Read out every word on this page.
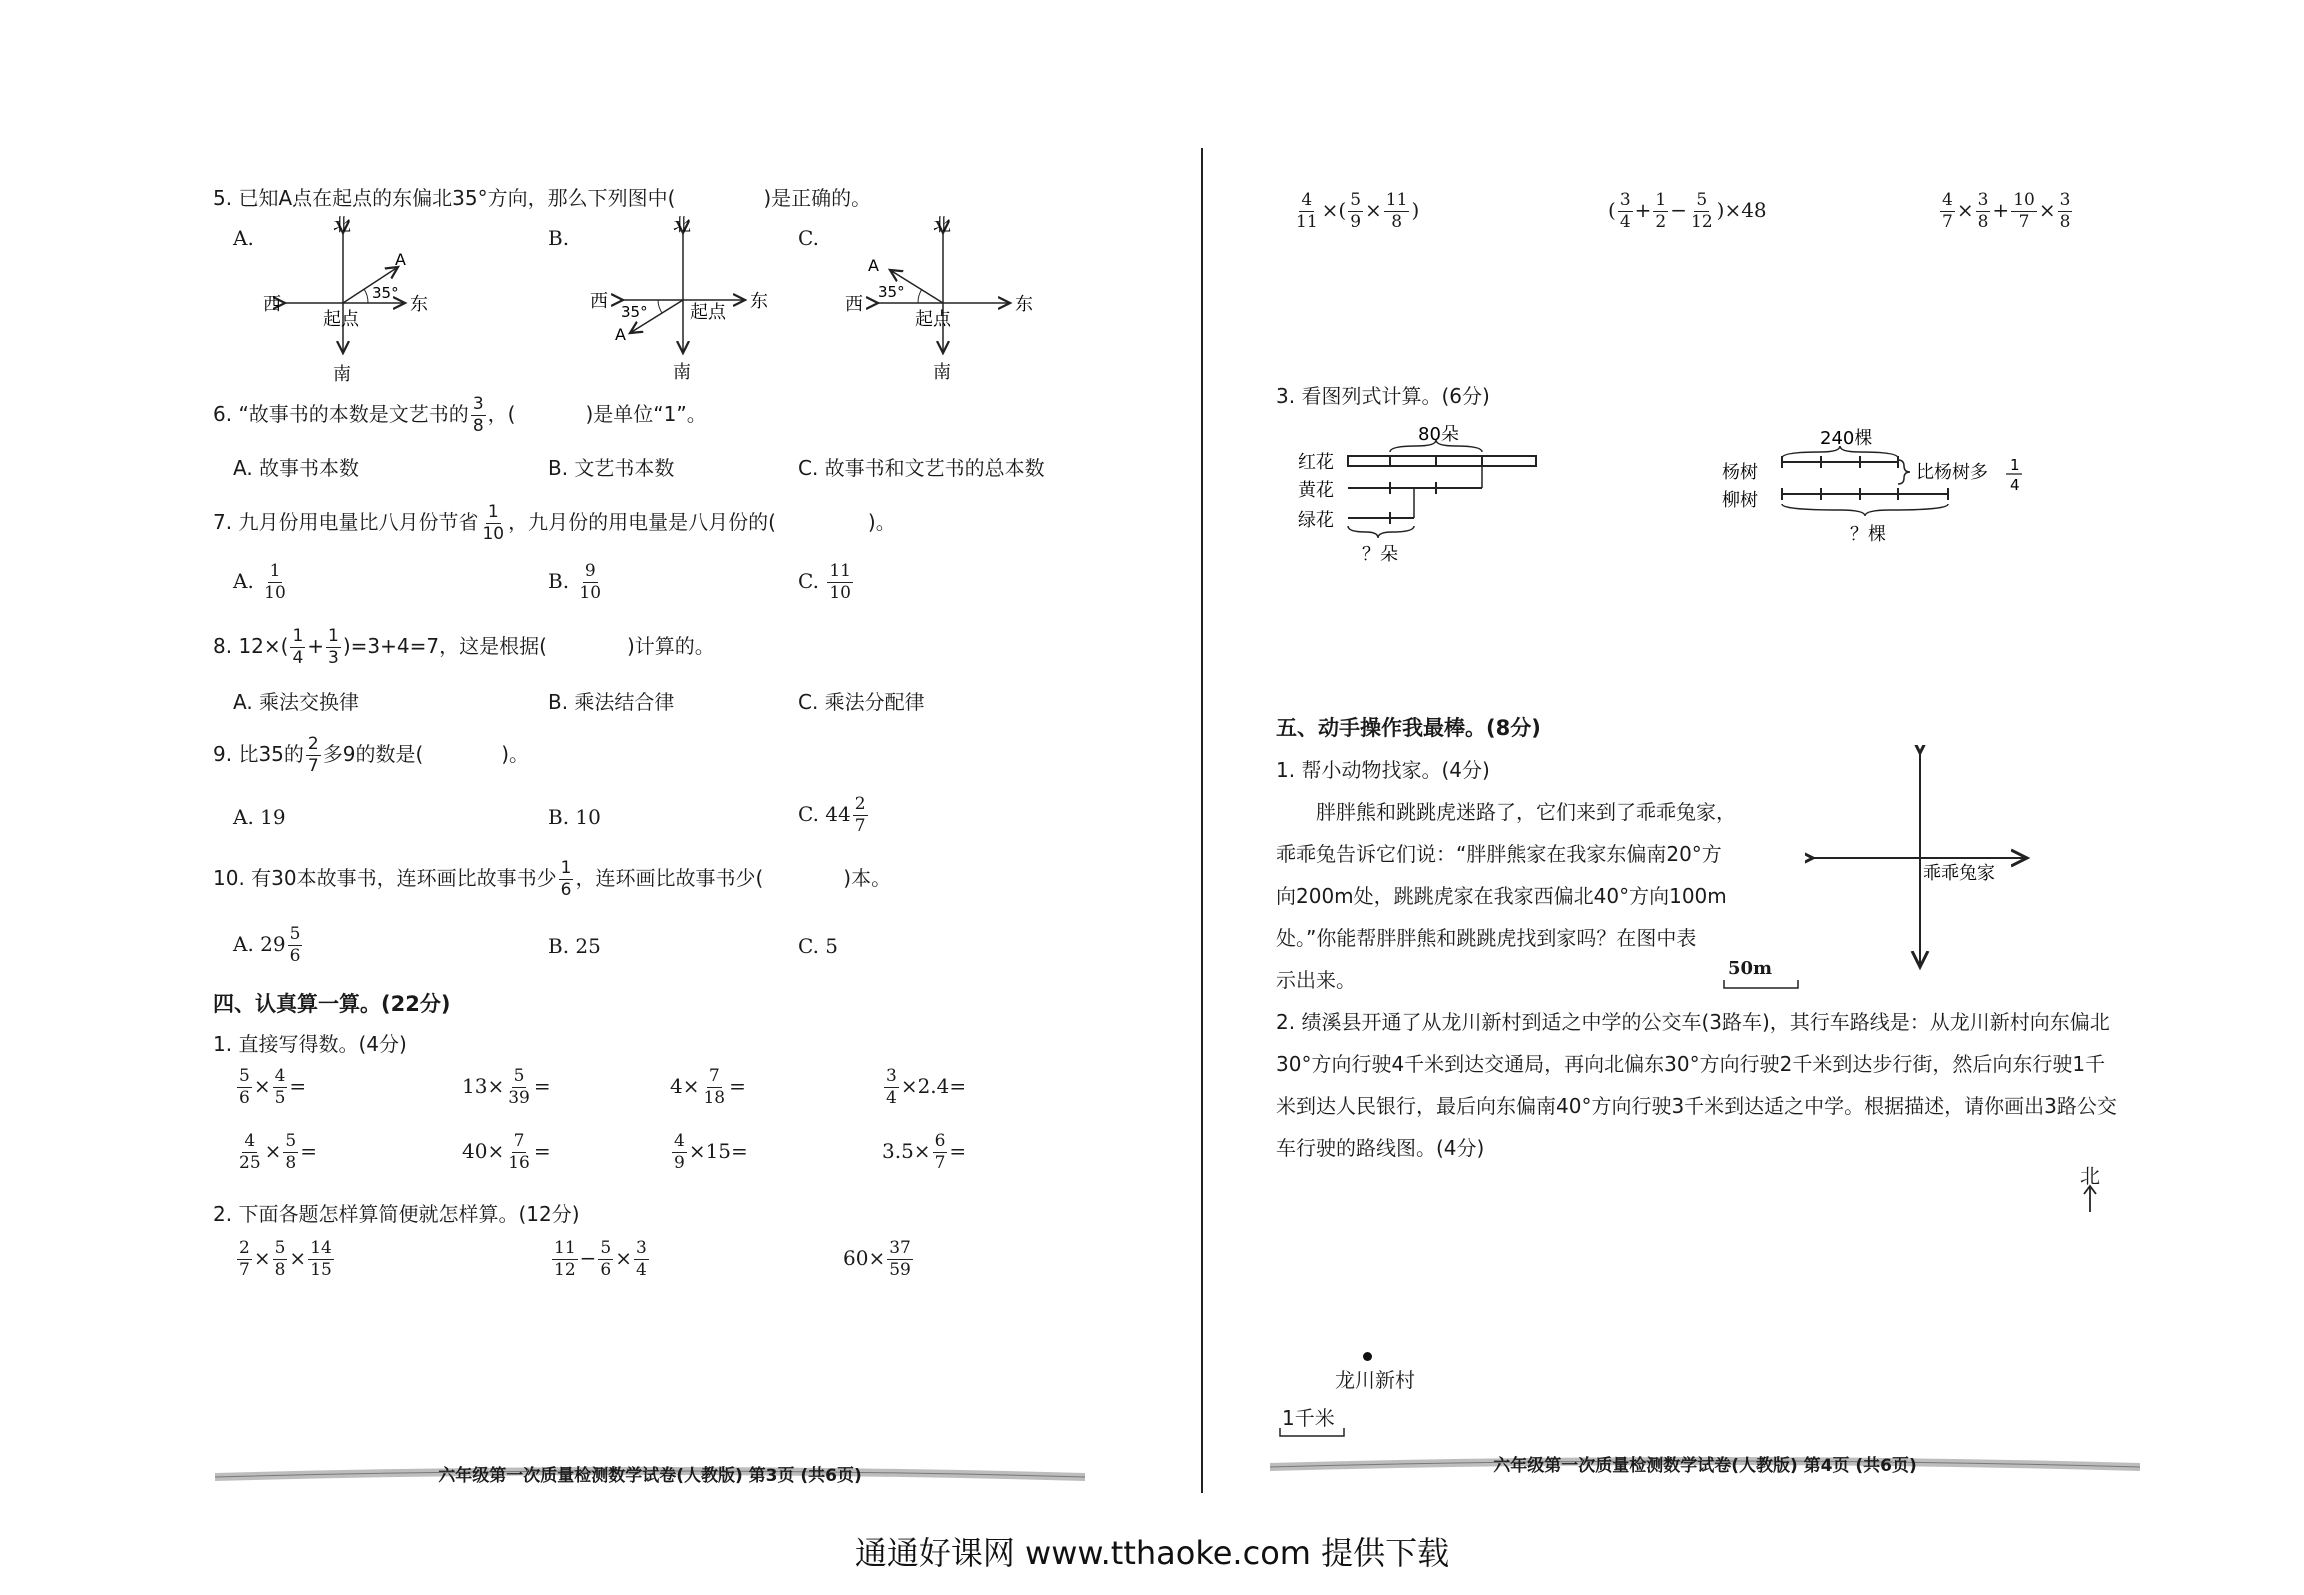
5. 已知A点在起点的东偏北35°方向，那么下列图中(	)是正确的。
A.	B.	C.
北
南
西	东
起点
A
35°
北
南
西	东
起点
A
35°
北
南
西	东
起点
A
35°
6. “故事书的本数是文艺书的 $\frac{3}{8}$ ，(	)是单位“1”。
A. 故事书本数	B. 文艺书本数	C. 故事书和文艺书的总本数
7. 九月份用电量比八月份节省 $\frac{1}{10}$ ，九月份的用电量是八月份的(	)。
A. $\frac{1}{10}$	B. $\frac{9}{10}$	C. $\frac{11}{10}$
8. $12\times( \frac{1}{4} + \frac{1}{3} )=3+4=7$，这是根据(	)计算的。
A. 乘法交换律	B. 乘法结合律	C. 乘法分配律
9. 比35的 $\frac{2}{7}$ 多9的数是(	)。
A. 19	B. 10	C. $44 \frac{2}{7}$
10. 有30本故事书，连环画比故事书少 $\frac{1}{6}$ ，连环画比故事书少(	)本。
A. $29 \frac{5}{6}$	B. 25	C. 5
四、认真算一算。(22分)
1. 直接写得数。(4分)
$\frac{5}{6} \times \frac{4}{5}$ =	$13\times \frac{5}{39}$ =	$4\times \frac{7}{18}$ =	$\frac{3}{4} \times 2.4=$
$\frac{4}{25} \times \frac{5}{8}$ =	$40\times \frac{7}{16}$ =	$\frac{4}{9} \times 15=$	$3.5\times \frac{6}{7}$ =
2. 下面各题怎样算简便就怎样算。(12分)
$\frac{2}{7} \times \frac{5}{8} \times \frac{14}{15}$	$\frac{11}{12} - \frac{5}{6} \times \frac{3}{4}$	$60\times \frac{37}{59}$
六年级第一次质量检测数学试卷(人教版) 第3页 (共6页)
$\frac{4}{11}$ ×( $\frac{5}{9} \times \frac{11}{8}$ )	( $\frac{3}{4} + \frac{1}{2} - \frac{5}{12} )\times 48$	$\frac{4}{7} \times \frac{3}{8} + \frac{10}{7} \times \frac{3}{8}$
3. 看图列式计算。(6分)
80朵
红花
黄花
绿花
？朵
240棵
杨树
柳树
比杨树多 1
4
？棵
五、动手操作我最棒。(8分)
1. 帮小动物找家。(4分)
胖胖熊和跳跳虎迷路了，它们来到了乖乖兔家，
乖乖兔告诉它们说：“胖胖熊家在我家东偏南20°方
向200m处，跳跳虎家在我家西偏北40°方向100m
处。”你能帮胖胖熊和跳跳虎找到家吗？在图中表
示出来。	50m
乖乖兔家
2. 绩溪县开通了从龙川新村到适之中学的公交车(3路车)，其行车路线是：从龙川新村向东偏北
30°方向行驶4千米到达交通局，再向北偏东30°方向行驶2千米到达步行街，然后向东行驶1千
米到达人民银行，最后向东偏南40°方向行驶3千米到达适之中学。根据描述，请你画出3路公交
车行驶的路线图。(4分)
北
龙川新村
1千米
六年级第一次质量检测数学试卷(人教版) 第4页 (共6页)
通通好课网 www.tthaoke.com 提供下载
